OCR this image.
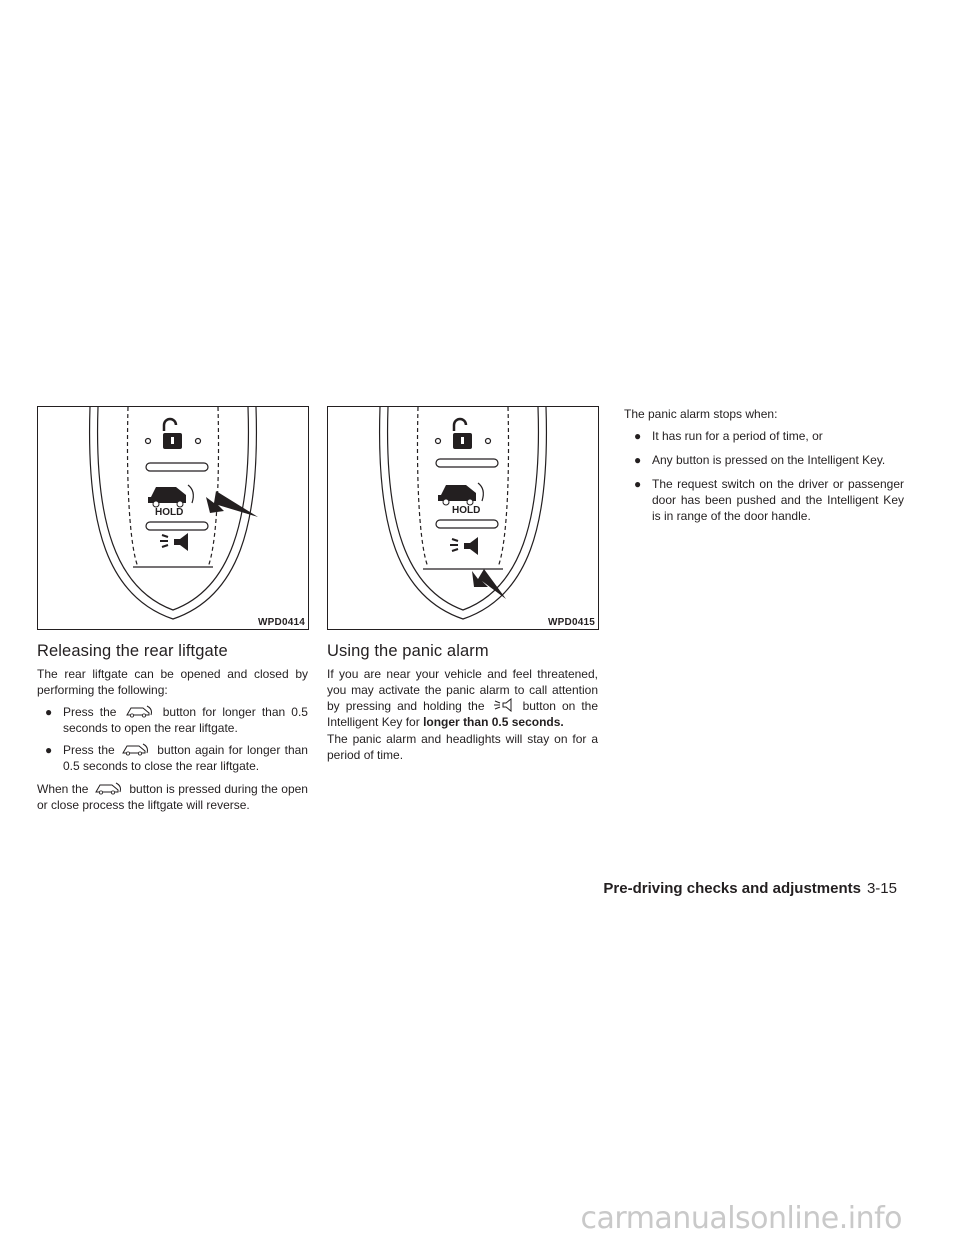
HOLD
WPD0414
HOLD
WPD0415
Releasing the rear liftgate

The rear liftgate can be opened and closed by performing the following:

● Press the	button for longer than 0.5 seconds to open the rear liftgate.
● Press the	button again for longer than 0.5 seconds to close the rear liftgate.

When the	button is pressed during the open or close process the liftgate will reverse.

Using the panic alarm

If you are near your vehicle and feel threatened, you may activate the panic alarm to call attention by pressing and holding the	button on the Intelligent Key for longer than 0.5 seconds.

The panic alarm and headlights will stay on for a period of time.

The panic alarm stops when:

● It has run for a period of time, or
● Any button is pressed on the Intelligent Key.
● The request switch on the driver or passenger door has been pushed and the Intelligent Key is in range of the door handle.
Pre-driving checks and adjustments 3-15
carmanualsonline.info
